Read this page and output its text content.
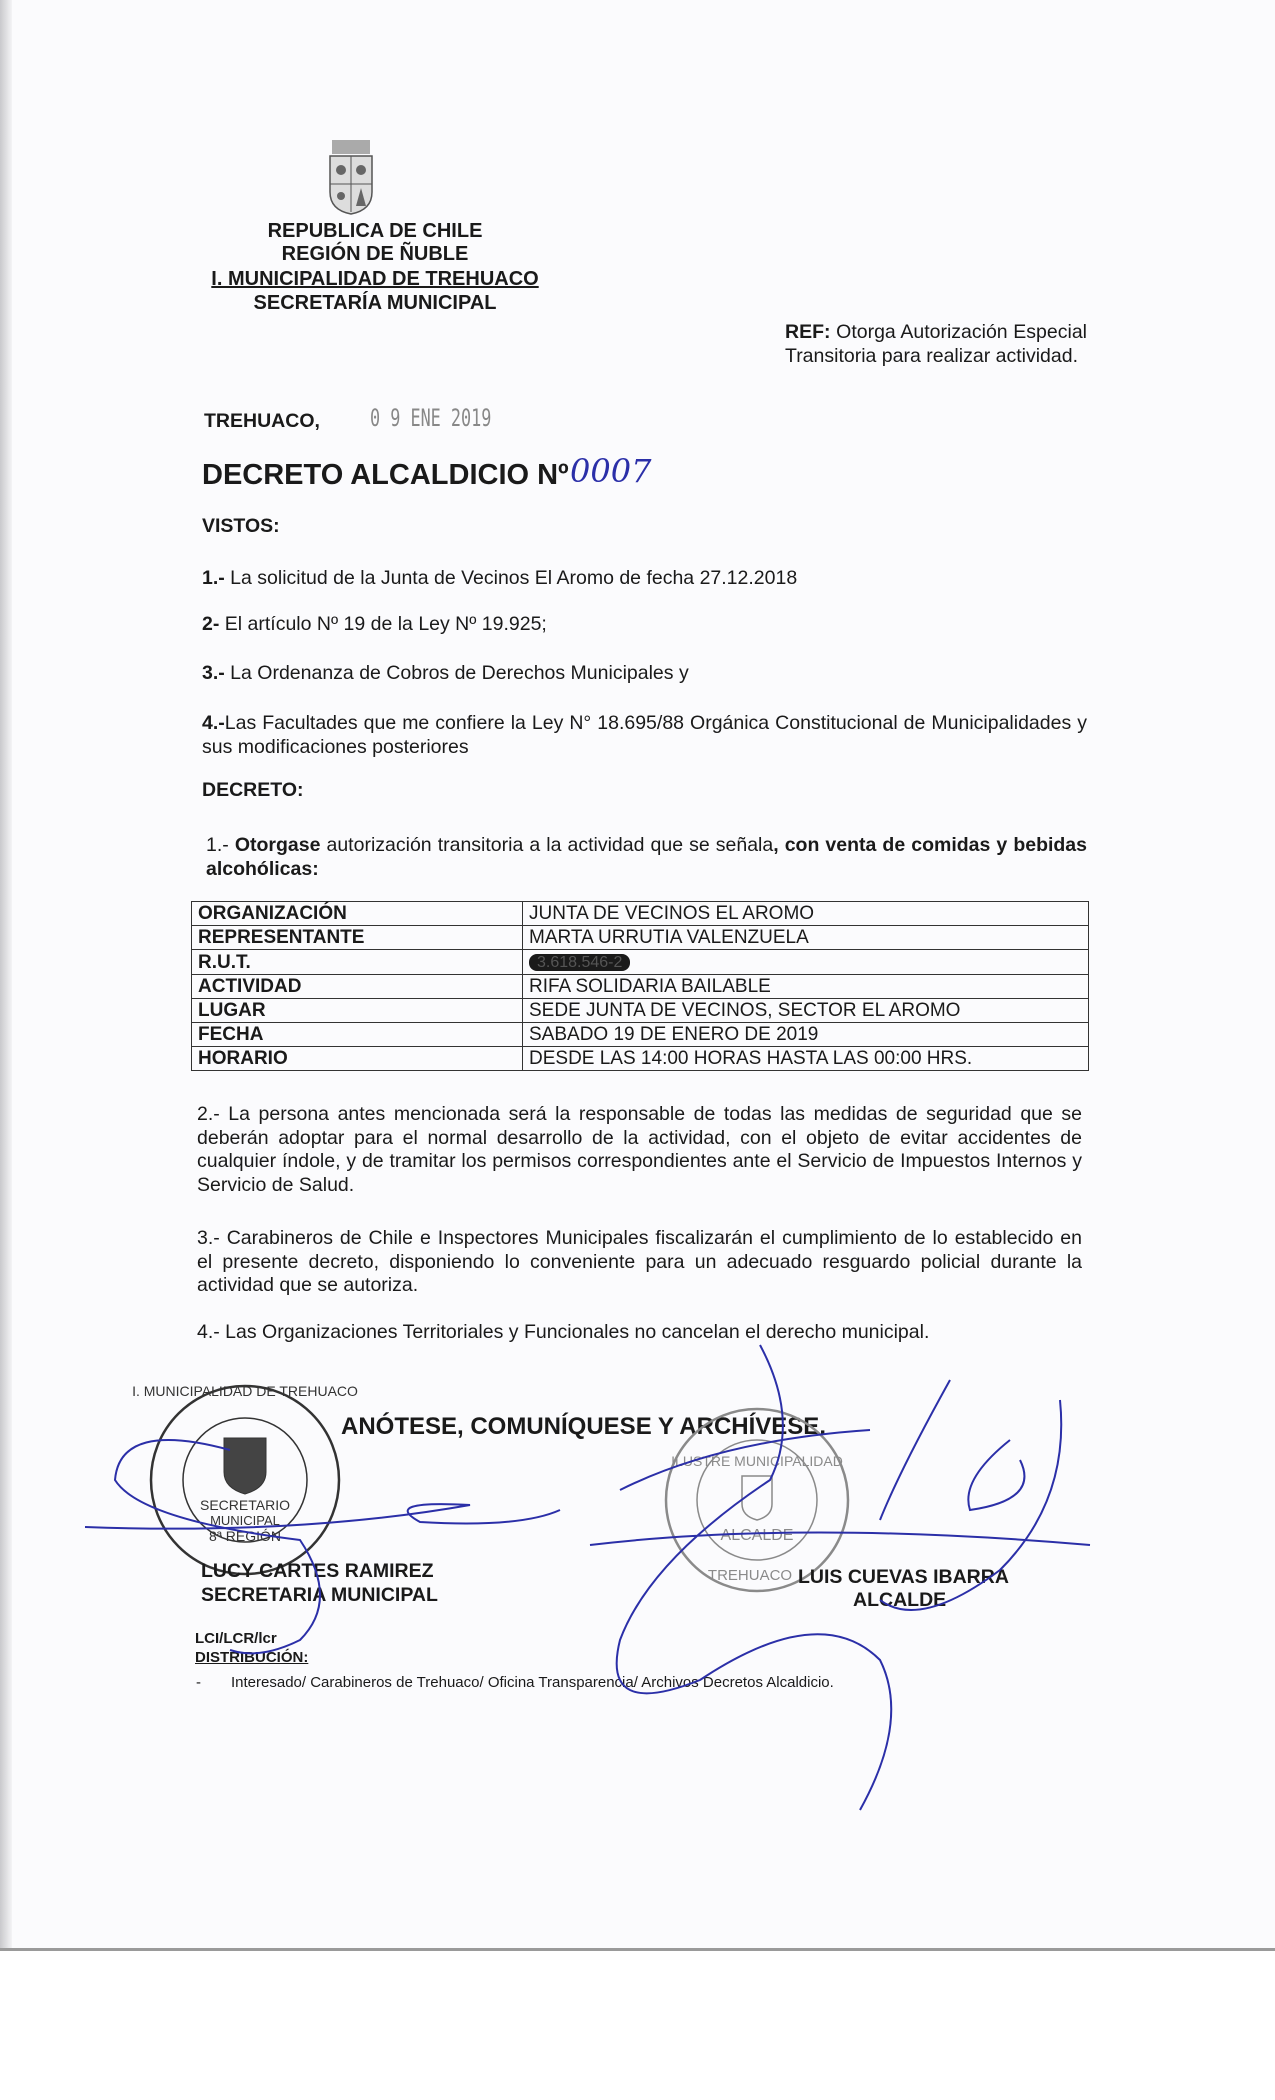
REPUBLICA DE CHILE
REGIÓN DE ÑUBLE
I. MUNICIPALIDAD DE TREHUACO
SECRETARÍA MUNICIPAL
REF: Otorga Autorización Especial Transitoria para realizar actividad.
TREHUACO, 0 9 ENE 2019
DECRETO ALCALDICIO Nº 0007
VISTOS:
1.- La solicitud de la Junta de Vecinos El Aromo de fecha 27.12.2018
2- El artículo Nº 19 de la Ley Nº 19.925;
3.- La Ordenanza de Cobros de Derechos Municipales y
4.-Las Facultades que me confiere la Ley N° 18.695/88 Orgánica Constitucional de Municipalidades y sus modificaciones posteriores
DECRETO:
1.- Otorgase autorización transitoria a la actividad que se señala, con venta de comidas y bebidas alcohólicas:
ORGANIZACIÓN	JUNTA DE VECINOS EL AROMO
REPRESENTANTE	MARTA URRUTIA VALENZUELA
R.U.T.	3.618.546-2
ACTIVIDAD	RIFA SOLIDARIA BAILABLE
LUGAR	SEDE JUNTA DE VECINOS, SECTOR EL AROMO
FECHA	SABADO 19 DE ENERO DE 2019
HORARIO	DESDE LAS 14:00 HORAS HASTA LAS 00:00 HRS.
2.- La persona antes mencionada será la responsable de todas las medidas de seguridad que se deberán adoptar para el normal desarrollo de la actividad, con el objeto de evitar accidentes de cualquier índole, y de tramitar los permisos correspondientes ante el Servicio de Impuestos Internos y Servicio de Salud.
3.- Carabineros de Chile e Inspectores Municipales fiscalizarán el cumplimiento de lo establecido en el presente decreto, disponiendo lo conveniente para un adecuado resguardo policial durante la actividad que se autoriza.
4.- Las Organizaciones Territoriales y Funcionales no cancelan el derecho municipal.
ANÓTESE, COMUNÍQUESE Y ARCHÍVESE.
I. MUNICIPALIDAD DE TREHUACO
SECRETARIO
MUNICIPAL
8ª REGIÓN
ILUSTRE MUNICIPALIDAD
ALCALDE
TREHUACO
LUCY CARTES RAMIREZ
SECRETARIA MUNICIPAL
LUIS CUEVAS IBARRA
ALCALDE
LCI/LCR/lcr
DISTRIBUCIÓN:
- Interesado/ Carabineros de Trehuaco/ Oficina Transparencia/ Archivos Decretos Alcaldicio.
